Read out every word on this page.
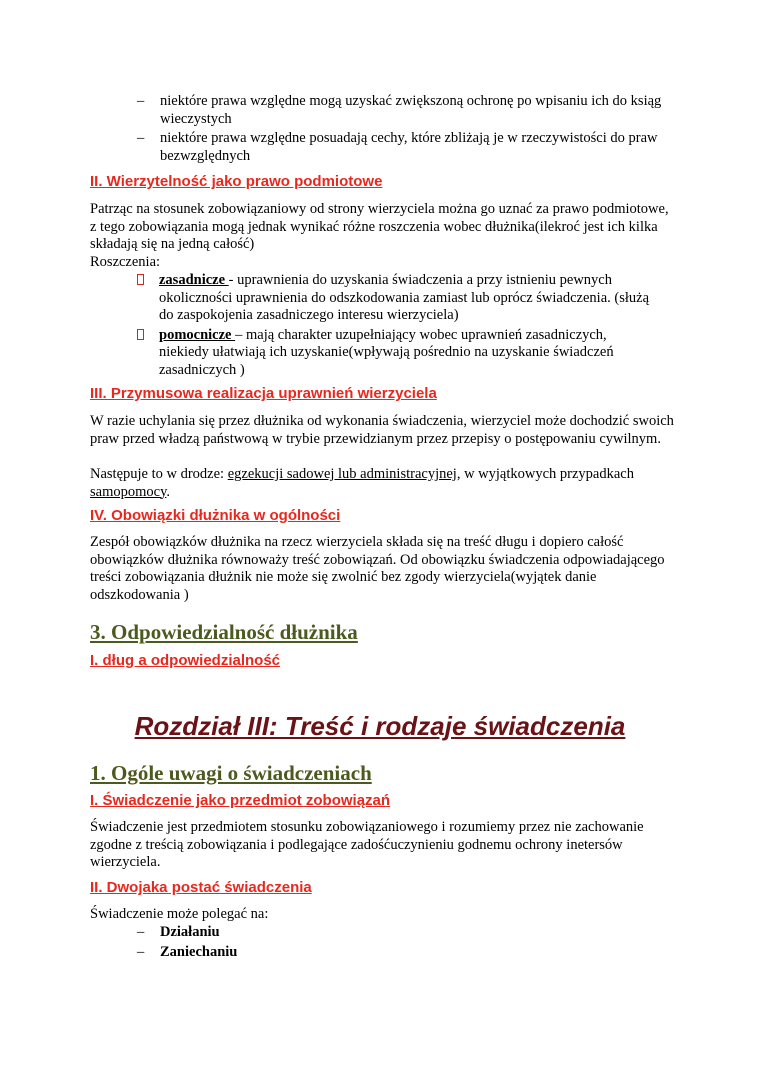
– niektóre prawa względne mogą uzyskać zwiększoną ochronę po wpisaniu ich do ksiąg wieczystych
– niektóre prawa względne posuadają cechy, które zbliżają je w rzeczywistości do praw bezwzględnych
II. Wierzytelność jako prawo podmiotowe

Patrząc na stosunek zobowiązaniowy od strony wierzyciela można go uznać za prawo podmiotowe, z tego zobowiązania mogą jednak wynikać różne roszczenia wobec dłużnika(ilekroć jest ich kilka składają się na jedną całość)

Roszczenia:

zasadnicze - uprawnienia do uzyskania świadczenia a przy istnieniu pewnych okoliczności uprawnienia do odszkodowania zamiast lub oprócz świadczenia. (służą do zaspokojenia zasadniczego interesu wierzyciela)
pomocnicze – mają charakter uzupełniający wobec uprawnień zasadniczych, niekiedy ułatwiają ich uzyskanie(wpływają pośrednio na uzyskanie świadczeń zasadniczych )
III. Przymusowa realizacja uprawnień wierzyciela

W razie uchylania się przez dłużnika od wykonania świadczenia, wierzyciel może dochodzić swoich praw przed władzą państwową w trybie przewidzianym przez przepisy o postępowaniu cywilnym.

Następuje to w drodze: egzekucji sadowej lub administracyjnej, w wyjątkowych przypadkach samopomocy.

IV. Obowiązki dłużnika w ogólności

Zespół obowiązków dłużnika na rzecz wierzyciela składa się na treść długu i dopiero całość obowiązków dłużnika równoważy treść zobowiązań. Od obowiązku świadczenia odpowiadającego treści zobowiązania dłużnik nie może się zwolnić bez zgody wierzyciela(wyjątek danie odszkodowania )

3. Odpowiedzialność dłużnika
I. dług a odpowiedzialność
Rozdział III: Treść i rodzaje świadczenia
1. Ogóle uwagi o świadczeniach
I. Świadczenie jako przedmiot zobowiązań

Świadczenie jest przedmiotem stosunku zobowiązaniowego i rozumiemy przez nie zachowanie zgodne z treścią zobowiązania i podlegające zadośćuczynieniu godnemu ochrony inetersów wierzyciela.

II. Dwojaka postać świadczenia

Świadczenie może polegać na:

– Działaniu
– Zaniechaniu
